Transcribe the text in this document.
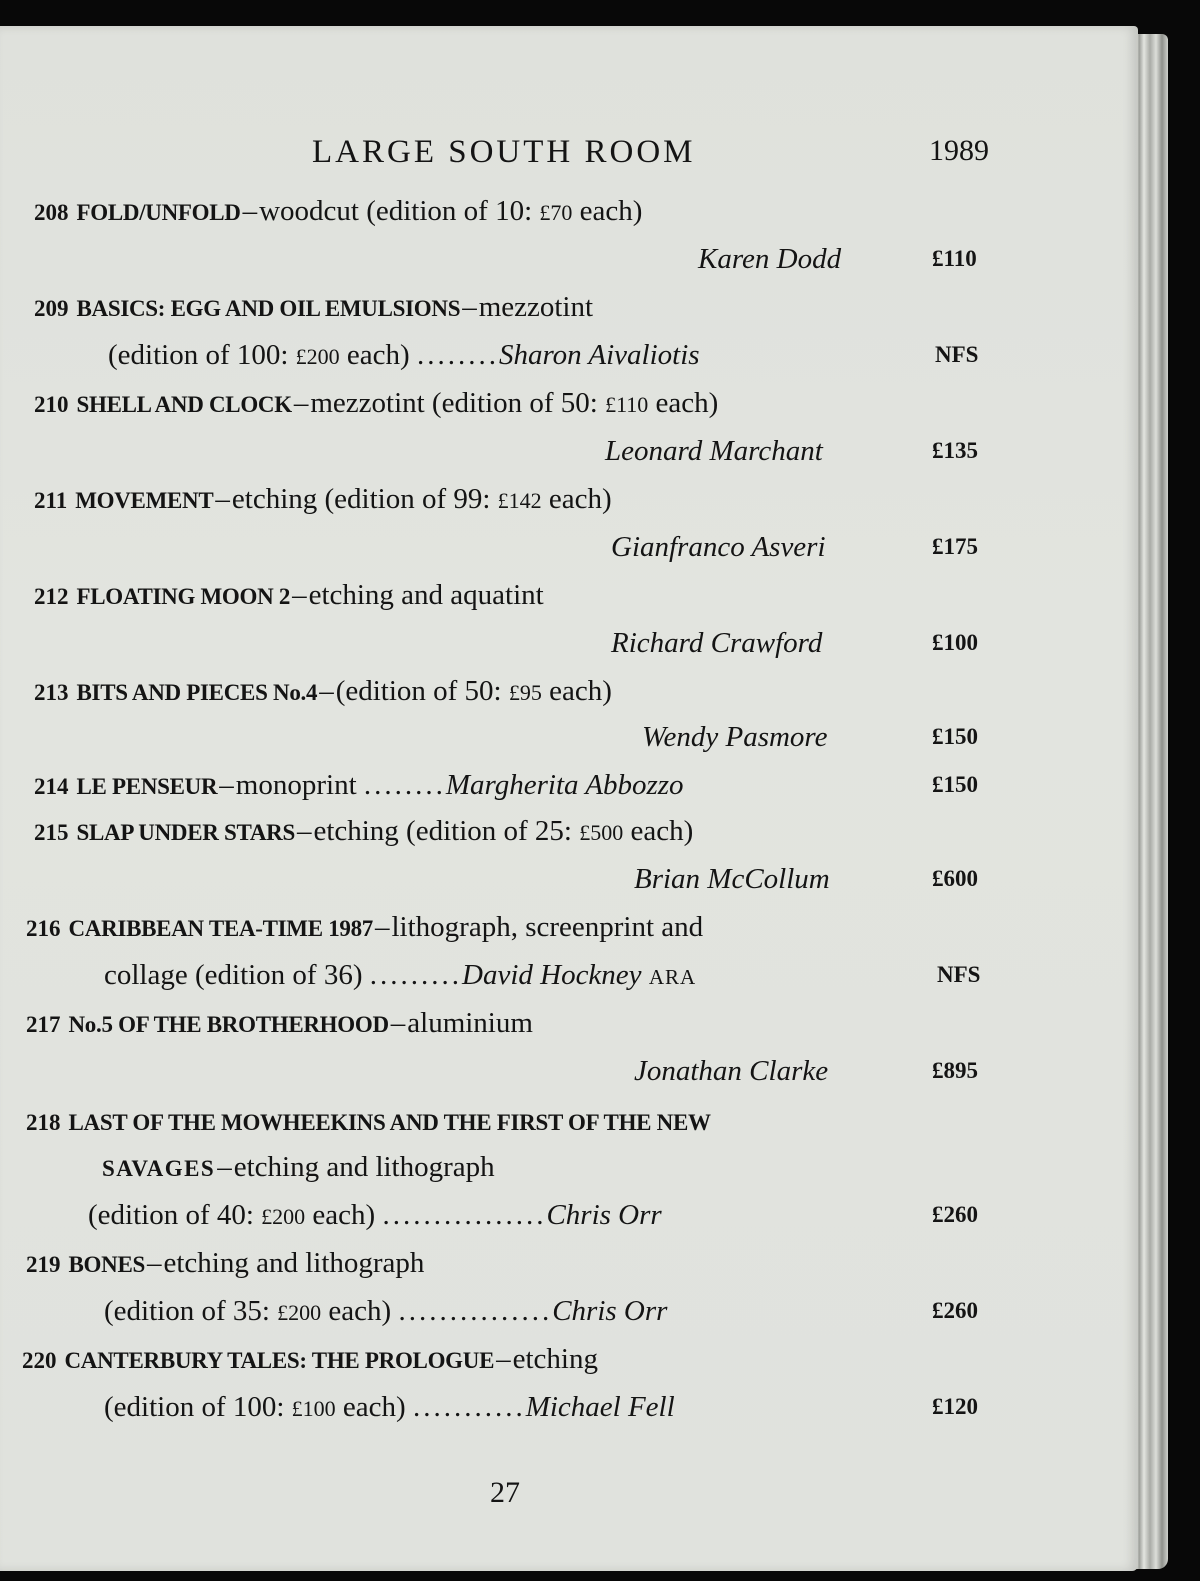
LARGE SOUTH ROOM	1989
208 FOLD/UNFOLD–woodcut (edition of 10: £70 each)
Karen Dodd	£110
209 BASICS: EGG AND OIL EMULSIONS–mezzotint
(edition of 100: £200 each) ........Sharon Aivaliotis	NFS
210 SHELL AND CLOCK–mezzotint (edition of 50: £110 each)
Leonard Marchant	£135
211 MOVEMENT–etching (edition of 99: £142 each)
Gianfranco Asveri	£175
212 FLOATING MOON 2–etching and aquatint
Richard Crawford	£100
213 BITS AND PIECES No.4–(edition of 50: £95 each)
Wendy Pasmore	£150
214 LE PENSEUR–monoprint ........Margherita Abbozzo	£150
215 SLAP UNDER STARS–etching (edition of 25: £500 each)
Brian McCollum	£600
216 CARIBBEAN TEA-TIME 1987–lithograph, screenprint and
collage (edition of 36) .........David Hockney ARA	NFS
217 No.5 OF THE BROTHERHOOD–aluminium
Jonathan Clarke	£895
218 LAST OF THE MOWHEEKINS AND THE FIRST OF THE NEW
SAVAGES–etching and lithograph
(edition of 40: £200 each) ................Chris Orr	£260
219 BONES–etching and lithograph
(edition of 35: £200 each) ...............Chris Orr	£260
220 CANTERBURY TALES: THE PROLOGUE–etching
(edition of 100: £100 each) ...........Michael Fell	£120
27
